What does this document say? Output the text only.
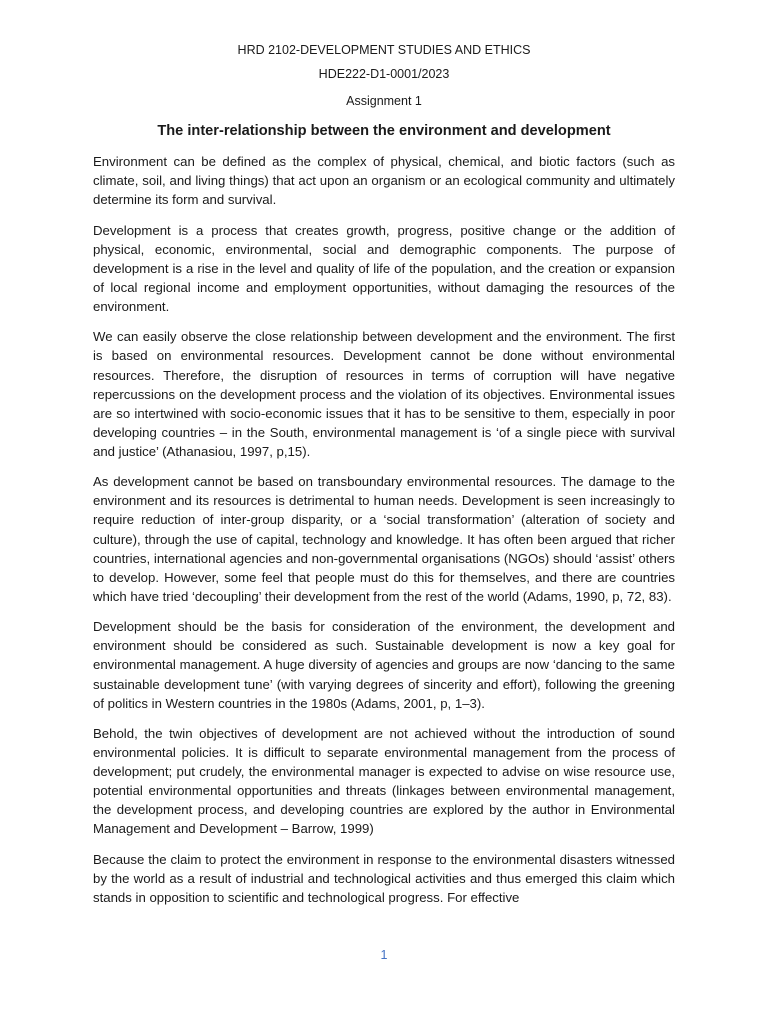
HRD 2102-DEVELOPMENT STUDIES AND ETHICS
HDE222-D1-0001/2023
Assignment 1
The inter-relationship between the environment and development

Environment can be defined as the complex of physical, chemical, and biotic factors (such as climate, soil, and living things) that act upon an organism or an ecological community and ultimately determine its form and survival.

Development is a process that creates growth, progress, positive change or the addition of physical, economic, environmental, social and demographic components. The purpose of development is a rise in the level and quality of life of the population, and the creation or expansion of local regional income and employment opportunities, without damaging the resources of the environment.

We can easily observe the close relationship between development and the environment. The first is based on environmental resources. Development cannot be done without environmental resources. Therefore, the disruption of resources in terms of corruption will have negative repercussions on the development process and the violation of its objectives. Environmental issues are so intertwined with socio-economic issues that it has to be sensitive to them, especially in poor developing countries – in the South, environmental management is ‘of a single piece with survival and justice’ (Athanasiou, 1997, p,15).

As development cannot be based on transboundary environmental resources. The damage to the environment and its resources is detrimental to human needs. Development is seen increasingly to require reduction of inter-group disparity, or a ‘social transformation’ (alteration of society and culture), through the use of capital, technology and knowledge. It has often been argued that richer countries, international agencies and non-governmental organisations (NGOs) should ‘assist’ others to develop. However, some feel that people must do this for themselves, and there are countries which have tried ‘decoupling’ their development from the rest of the world (Adams, 1990, p, 72, 83).

Development should be the basis for consideration of the environment, the development and environment should be considered as such. Sustainable development is now a key goal for environmental management. A huge diversity of agencies and groups are now ‘dancing to the same sustainable development tune’ (with varying degrees of sincerity and effort), following the greening of politics in Western countries in the 1980s (Adams, 2001, p, 1–3).

Behold, the twin objectives of development are not achieved without the introduction of sound environmental policies. It is difficult to separate environmental management from the process of development; put crudely, the environmental manager is expected to advise on wise resource use, potential environmental opportunities and threats (linkages between environmental management, the development process, and developing countries are explored by the author in Environmental Management and Development – Barrow, 1999)

Because the claim to protect the environment in response to the environmental disasters witnessed by the world as a result of industrial and technological activities and thus emerged this claim which stands in opposition to scientific and technological progress. For effective

1
